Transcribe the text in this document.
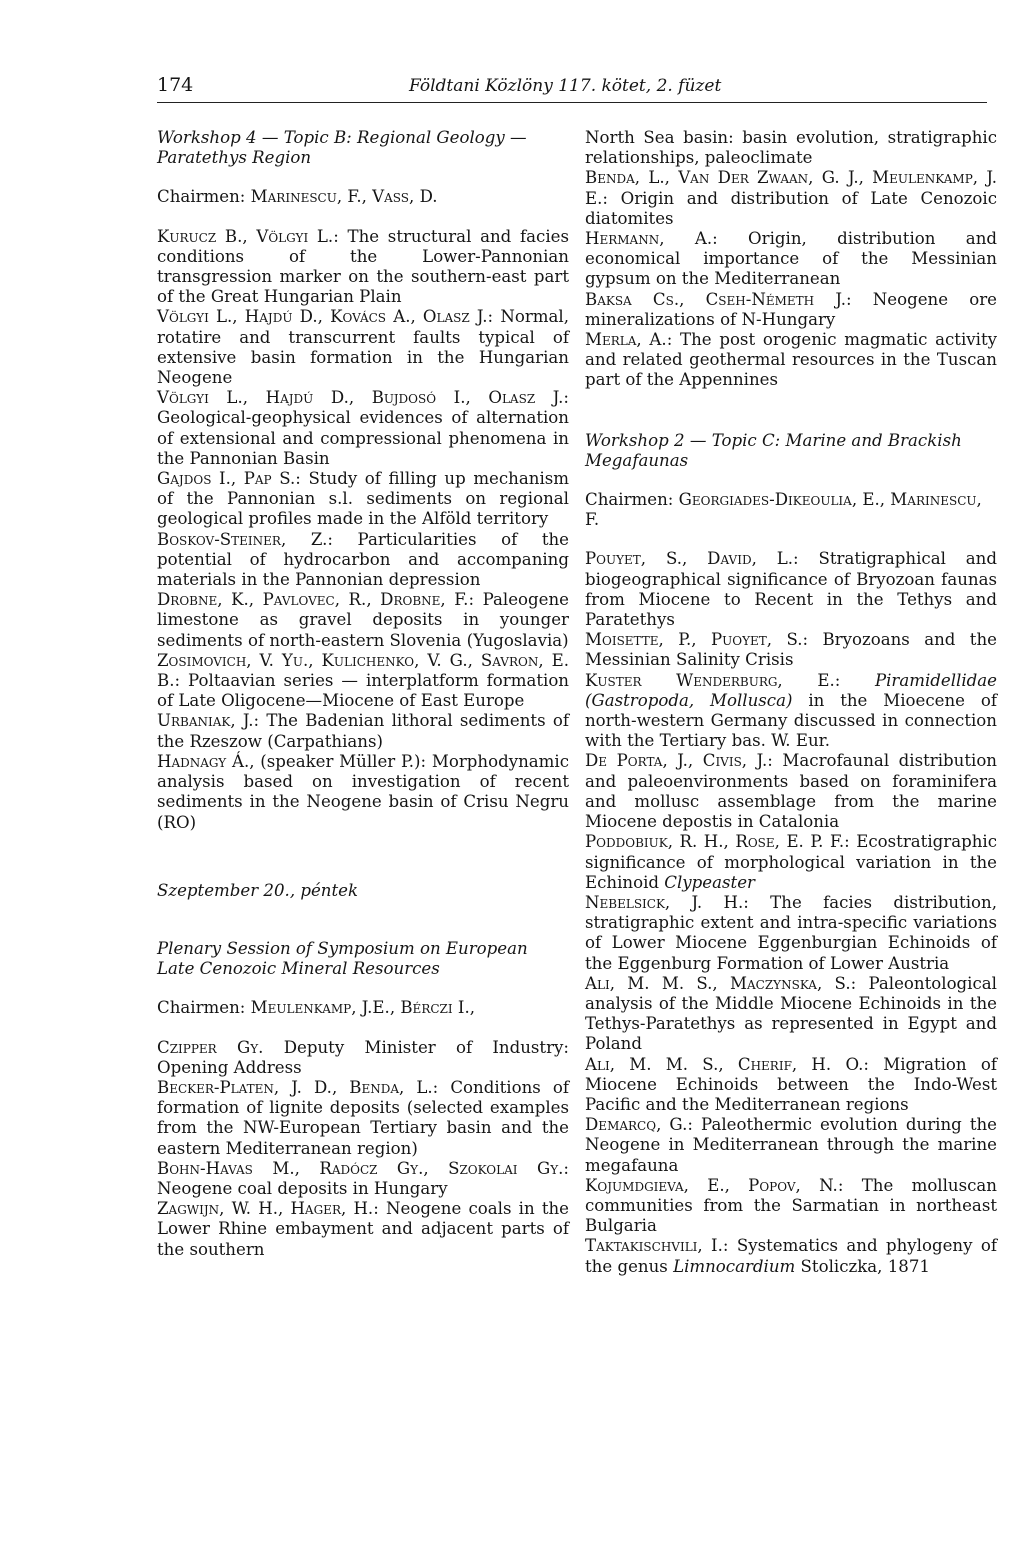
174	Földtani Közlöny 117. kötet, 2. füzet

Workshop 4 — Topic B: Regional Geology — Paratethys Region

Chairmen: Marinescu, F., Vass, D.

Kurucz B., Völgyi L.: The structural and facies conditions of the Lower-Pannonian transgression marker on the southern-east part of the Great Hungarian Plain

Völgyi L., Hajdú D., Kovács A., Olasz J.: Normal, rotatire and transcurrent faults typical of extensive basin formation in the Hungarian Neogene

Völgyi L., Hajdú D., Bujdosó I., Olasz J.: Geological-geophysical evidences of alternation of extensional and compressional phenomena in the Pannonian Basin

Gajdos I., Pap S.: Study of filling up mechanism of the Pannonian s.l. sediments on regional geological profiles made in the Alföld territory

Boskov-Steiner, Z.: Particularities of the potential of hydrocarbon and accompaning materials in the Pannonian depression

Drobne, K., Pavlovec, R., Drobne, F.: Paleogene limestone as gravel deposits in younger sediments of north-eastern Slovenia (Yugoslavia)

Zosimovich, V. Yu., Kulichenko, V. G., Savron, E. B.: Poltaavian series — interplatform formation of Late Oligocene—Miocene of East Europe

Urbaniak, J.: The Badenian lithoral sediments of the Rzeszow (Carpathians)

Hadnagy Á., (speaker Müller P.): Morphodynamic analysis based on investigation of recent sediments in the Neogene basin of Crisu Negru (RO)

Szeptember 20., péntek

Plenary Session of Symposium on European Late Cenozoic Mineral Resources

Chairmen: Meulenkamp, J.E., Bérczi I.,

Czipper Gy. Deputy Minister of Industry: Opening Address

Becker-Platen, J. D., Benda, L.: Conditions of formation of lignite deposits (selected examples from the NW-European Tertiary basin and the eastern Mediterranean region)

Bohn-Havas M., Radócz Gy., Szokolai Gy.: Neogene coal deposits in Hungary

Zagwijn, W. H., Hager, H.: Neogene coals in the Lower Rhine embayment and adjacent parts of the southern

North Sea basin: basin evolution, stratigraphic relationships, paleoclimate

Benda, L., Van Der Zwaan, G. J., Meulenkamp, J. E.: Origin and distribution of Late Cenozoic diatomites

Hermann, A.: Origin, distribution and economical importance of the Messinian gypsum on the Mediterranean

Baksa Cs., Cseh-Németh J.: Neogene ore mineralizations of N-Hungary

Merla, A.: The post orogenic magmatic activity and related geothermal resources in the Tuscan part of the Appennines

Workshop 2 — Topic C: Marine and Brackish Megafaunas

Chairmen: Georgiades-Dikeoulia, E., Marinescu, F.

Pouyet, S., David, L.: Stratigraphical and biogeographical significance of Bryozoan faunas from Miocene to Recent in the Tethys and Paratethys

Moisette, P., Puoyet, S.: Bryozoans and the Messinian Salinity Crisis

Kuster Wenderburg, E.: Piramidellidae (Gastropoda, Mollusca) in the Mioecene of north-western Germany discussed in connection with the Tertiary bas. W. Eur.

De Porta, J., Civis, J.: Macrofaunal distribution and paleoenvironments based on foraminifera and mollusc assemblage from the marine Miocene depostis in Catalonia

Poddobiuk, R. H., Rose, E. P. F.: Ecostratigraphic significance of morphological variation in the Echinoid Clypeaster

Nebelsick, J. H.: The facies distribution, stratigraphic extent and intra-specific variations of Lower Miocene Eggenburgian Echinoids of the Eggenburg Formation of Lower Austria

Ali, M. M. S., Maczynska, S.: Paleontological analysis of the Middle Miocene Echinoids in the Tethys-Paratethys as represented in Egypt and Poland

Ali, M. M. S., Cherif, H. O.: Migration of Miocene Echinoids between the Indo-West Pacific and the Mediterranean regions

Demarcq, G.: Paleothermic evolution during the Neogene in Mediterranean through the marine megafauna

Kojumdgieva, E., Popov, N.: The molluscan communities from the Sarmatian in northeast Bulgaria

Taktakischvili, I.: Systematics and phylogeny of the genus Limnocardium Stoliczka, 1871
